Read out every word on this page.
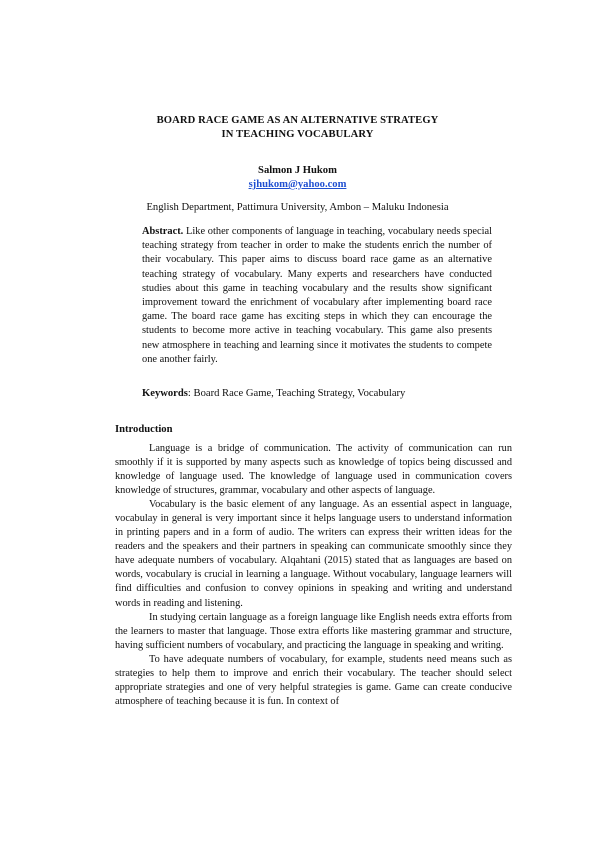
BOARD RACE GAME AS AN ALTERNATIVE STRATEGY
IN TEACHING VOCABULARY
Salmon J Hukom
sjhukom@yahoo.com
English Department, Pattimura University, Ambon – Maluku Indonesia
Abstract. Like other components of language in teaching, vocabulary needs special teaching strategy from teacher in order to make the students enrich the number of their vocabulary. This paper aims to discuss board race game as an alternative teaching strategy of vocabulary. Many experts and researchers have conducted studies about this game in teaching vocabulary and the results show significant improvement toward the enrichment of vocabulary after implementing board race game. The board race game has exciting steps in which they can encourage the students to become more active in teaching vocabulary. This game also presents new atmosphere in teaching and learning since it motivates the students to compete one another fairly.
Keywords: Board Race Game, Teaching Strategy, Vocabulary
Introduction

Language is a bridge of communication. The activity of communication can run smoothly if it is supported by many aspects such as knowledge of topics being discussed and knowledge of language used. The knowledge of language used in communication covers knowledge of structures, grammar, vocabulary and other aspects of language.

Vocabulary is the basic element of any language. As an essential aspect in language, vocabulay in general is very important since it helps language users to understand information in printing papers and in a form of audio. The writers can express their written ideas for the readers and the speakers and their partners in speaking can communicate smoothly since they have adequate numbers of vocabulary. Alqahtani (2015) stated that as languages are based on words, vocabulary is crucial in learning a language. Without vocabulary, language learners will find difficulties and confusion to convey opinions in speaking and writing and understand words in reading and listening.

In studying certain language as a foreign language like English needs extra efforts from the learners to master that language. Those extra efforts like mastering grammar and structure, having sufficient numbers of vocabulary, and practicing the language in speaking and writing.

To have adequate numbers of vocabulary, for example, students need means such as strategies to help them to improve and enrich their vocabulary. The teacher should select appropriate strategies and one of very helpful strategies is game. Game can create conducive atmosphere of teaching because it is fun. In context of
